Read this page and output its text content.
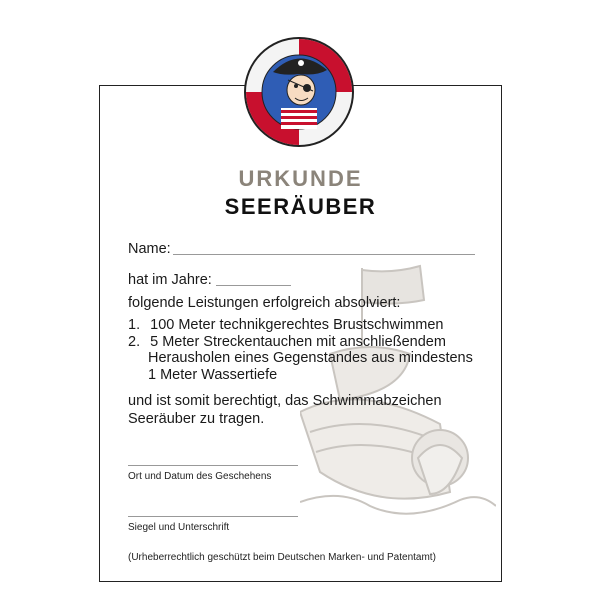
URKUNDE
SEERÄUBER
Name:
hat im Jahre:
folgende Leistungen erfolgreich absolviert:
1. 100 Meter technikgerechtes Brustschwimmen
2. 5 Meter Streckentauchen mit anschließendem
Herausholen eines Gegenstandes aus mindestens
1 Meter Wassertiefe
und ist somit berechtigt, das Schwimmabzeichen
Seeräuber zu tragen.
Ort und Datum des Geschehens
Siegel und Unterschrift
(Urheberrechtlich geschützt beim Deutschen Marken- und Patentamt)
